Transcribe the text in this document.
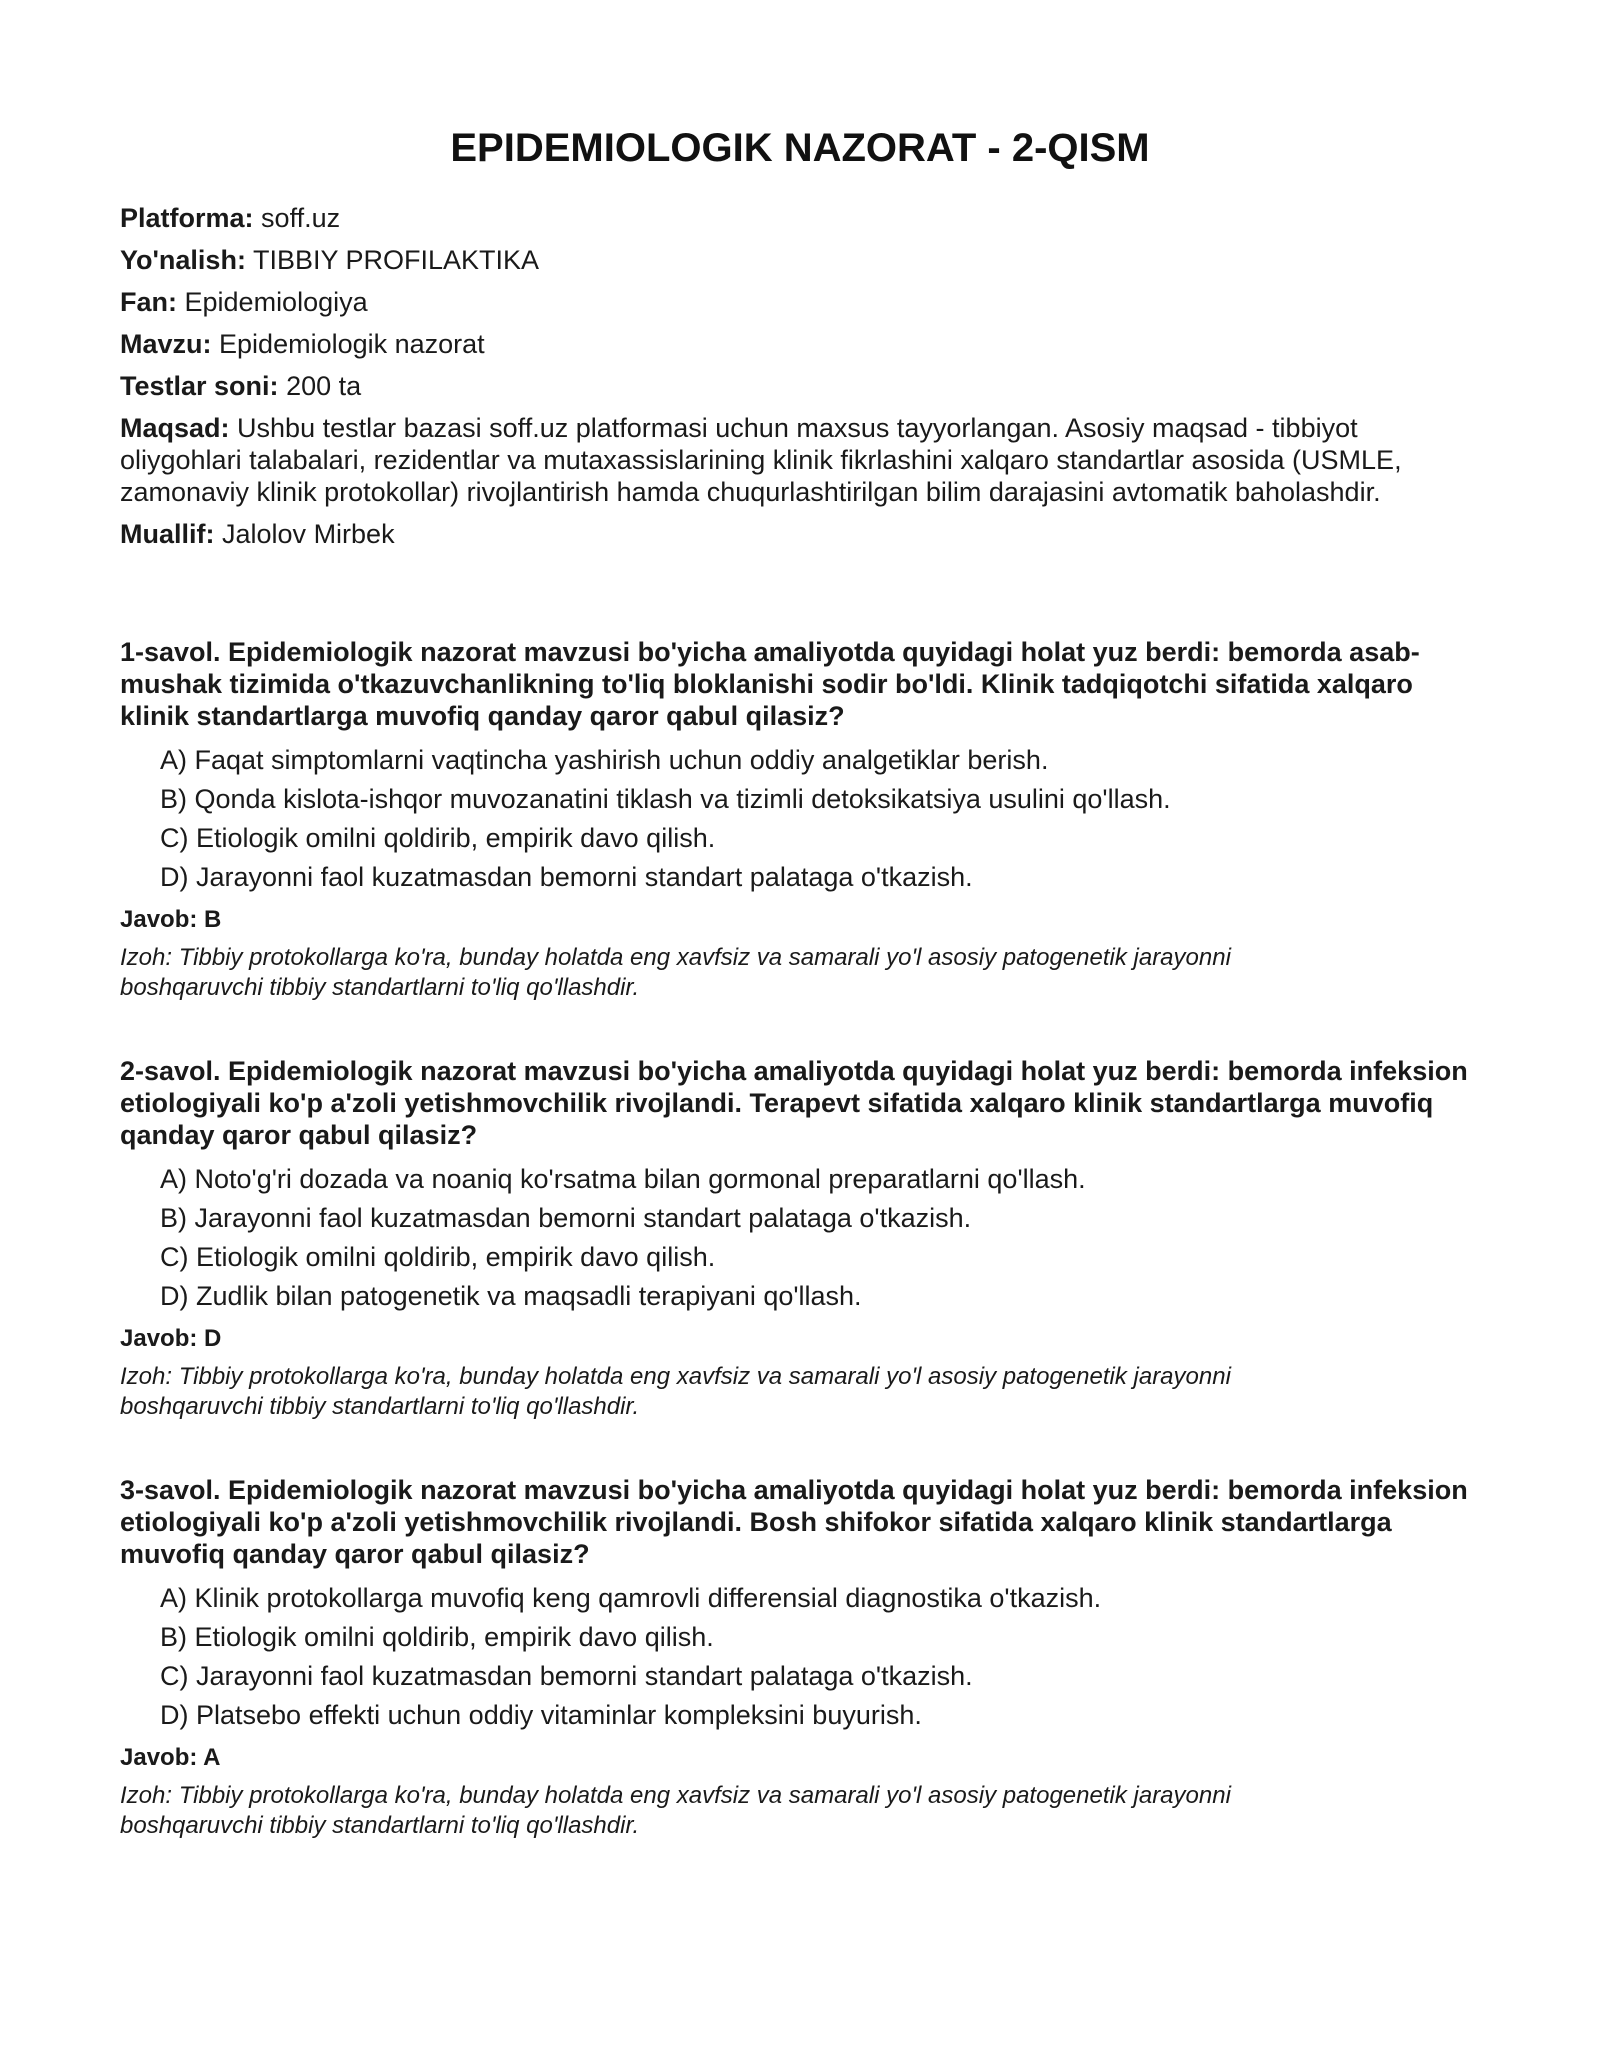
EPIDEMIOLOGIK NAZORAT - 2-QISM
Platforma: soff.uz
Yo'nalish: TIBBIY PROFILAKTIKA
Fan: Epidemiologiya
Mavzu: Epidemiologik nazorat
Testlar soni: 200 ta
Maqsad: Ushbu testlar bazasi soff.uz platformasi uchun maxsus tayyorlangan. Asosiy maqsad - tibbiyot oliygohlari talabalari, rezidentlar va mutaxassislarining klinik fikrlashini xalqaro standartlar asosida (USMLE, zamonaviy klinik protokollar) rivojlantirish hamda chuqurlashtirilgan bilim darajasini avtomatik baholashdir.
Muallif: Jalolov Mirbek

1-savol. Epidemiologik nazorat mavzusi bo'yicha amaliyotda quyidagi holat yuz berdi: bemorda asab-mushak tizimida o'tkazuvchanlikning to'liq bloklanishi sodir bo'ldi. Klinik tadqiqotchi sifatida xalqaro klinik standartlarga muvofiq qanday qaror qabul qilasiz?

A) Faqat simptomlarni vaqtincha yashirish uchun oddiy analgetiklar berish.
B) Qonda kislota-ishqor muvozanatini tiklash va tizimli detoksikatsiya usulini qo'llash.
C) Etiologik omilni qoldirib, empirik davo qilish.
D) Jarayonni faol kuzatmasdan bemorni standart palataga o'tkazish.
Javob: B
Izoh: Tibbiy protokollarga ko'ra, bunday holatda eng xavfsiz va samarali yo'l asosiy patogenetik jarayonni boshqaruvchi tibbiy standartlarni to'liq qo'llashdir.

2-savol. Epidemiologik nazorat mavzusi bo'yicha amaliyotda quyidagi holat yuz berdi: bemorda infeksion etiologiyali ko'p a'zoli yetishmovchilik rivojlandi. Terapevt sifatida xalqaro klinik standartlarga muvofiq qanday qaror qabul qilasiz?

A) Noto'g'ri dozada va noaniq ko'rsatma bilan gormonal preparatlarni qo'llash.
B) Jarayonni faol kuzatmasdan bemorni standart palataga o'tkazish.
C) Etiologik omilni qoldirib, empirik davo qilish.
D) Zudlik bilan patogenetik va maqsadli terapiyani qo'llash.
Javob: D
Izoh: Tibbiy protokollarga ko'ra, bunday holatda eng xavfsiz va samarali yo'l asosiy patogenetik jarayonni boshqaruvchi tibbiy standartlarni to'liq qo'llashdir.

3-savol. Epidemiologik nazorat mavzusi bo'yicha amaliyotda quyidagi holat yuz berdi: bemorda infeksion etiologiyali ko'p a'zoli yetishmovchilik rivojlandi. Bosh shifokor sifatida xalqaro klinik standartlarga muvofiq qanday qaror qabul qilasiz?

A) Klinik protokollarga muvofiq keng qamrovli differensial diagnostika o'tkazish.
B) Etiologik omilni qoldirib, empirik davo qilish.
C) Jarayonni faol kuzatmasdan bemorni standart palataga o'tkazish.
D) Platsebo effekti uchun oddiy vitaminlar kompleksini buyurish.
Javob: A
Izoh: Tibbiy protokollarga ko'ra, bunday holatda eng xavfsiz va samarali yo'l asosiy patogenetik jarayonni boshqaruvchi tibbiy standartlarni to'liq qo'llashdir.
